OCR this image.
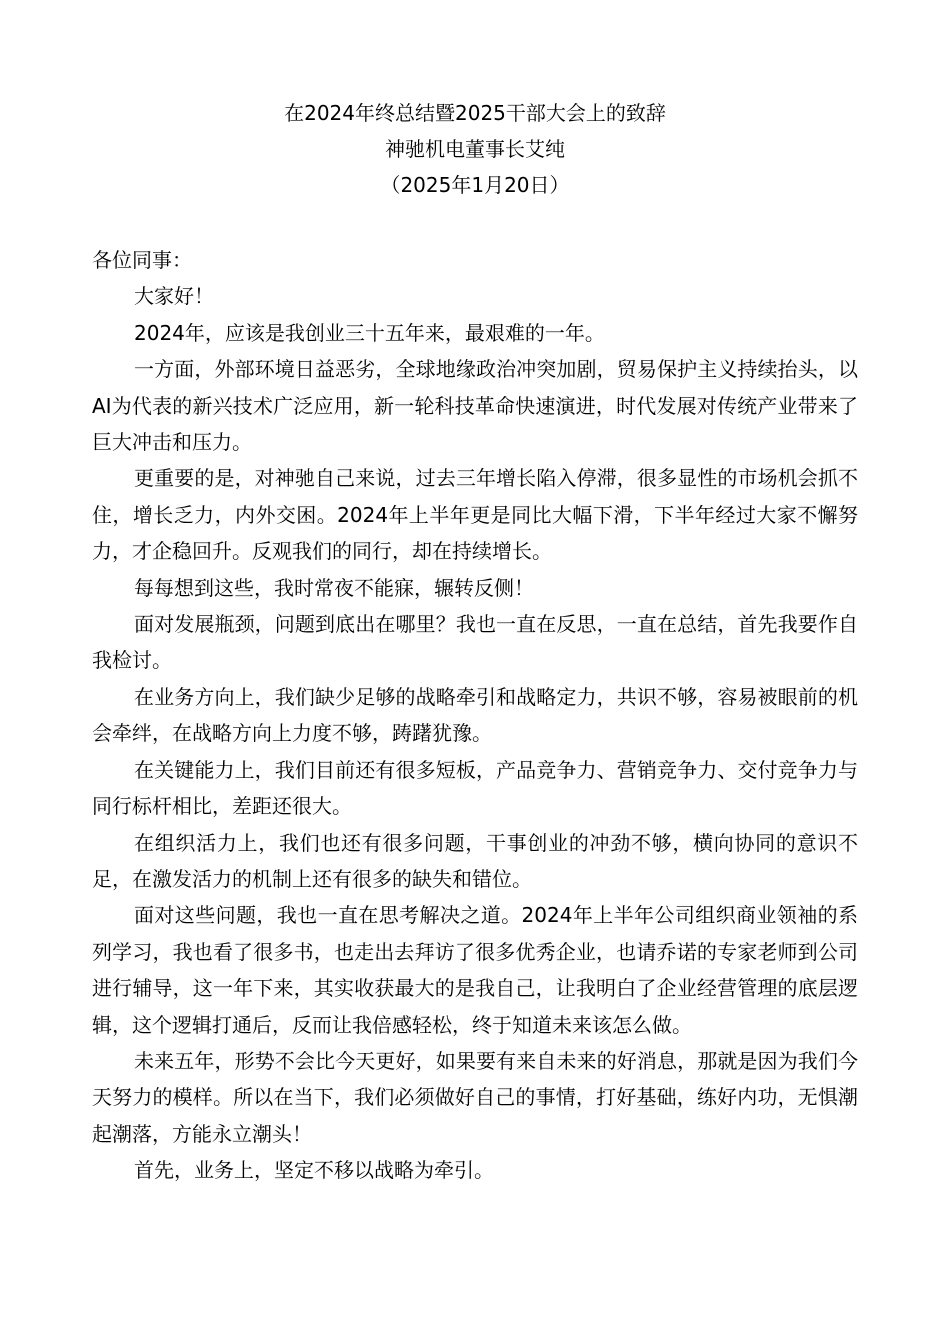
在2024年终总结暨2025干部大会上的致辞
神驰机电董事长艾纯
（2025年1月20日）

各位同事：

大家好！

2024年，应该是我创业三十五年来，最艰难的一年。

一方面，外部环境日益恶劣，全球地缘政治冲突加剧，贸易保护主义持续抬头，以AI为代表的新兴技术广泛应用，新一轮科技革命快速演进，时代发展对传统产业带来了巨大冲击和压力。

更重要的是，对神驰自己来说，过去三年增长陷入停滞，很多显性的市场机会抓不住，增长乏力，内外交困。2024年上半年更是同比大幅下滑，下半年经过大家不懈努力，才企稳回升。反观我们的同行，却在持续增长。

每每想到这些，我时常夜不能寐，辗转反侧！

面对发展瓶颈，问题到底出在哪里？我也一直在反思，一直在总结，首先我要作自我检讨。

在业务方向上，我们缺少足够的战略牵引和战略定力，共识不够，容易被眼前的机会牵绊，在战略方向上力度不够，踌躇犹豫。

在关键能力上，我们目前还有很多短板，产品竞争力、营销竞争力、交付竞争力与同行标杆相比，差距还很大。

在组织活力上，我们也还有很多问题，干事创业的冲劲不够，横向协同的意识不足，在激发活力的机制上还有很多的缺失和错位。

面对这些问题，我也一直在思考解决之道。2024年上半年公司组织商业领袖的系列学习，我也看了很多书，也走出去拜访了很多优秀企业，也请乔诺的专家老师到公司进行辅导，这一年下来，其实收获最大的是我自己，让我明白了企业经营管理的底层逻辑，这个逻辑打通后，反而让我倍感轻松，终于知道未来该怎么做。

未来五年，形势不会比今天更好，如果要有来自未来的好消息，那就是因为我们今天努力的模样。所以在当下，我们必须做好自己的事情，打好基础，练好内功，无惧潮起潮落，方能永立潮头！

首先，业务上，坚定不移以战略为牵引。
